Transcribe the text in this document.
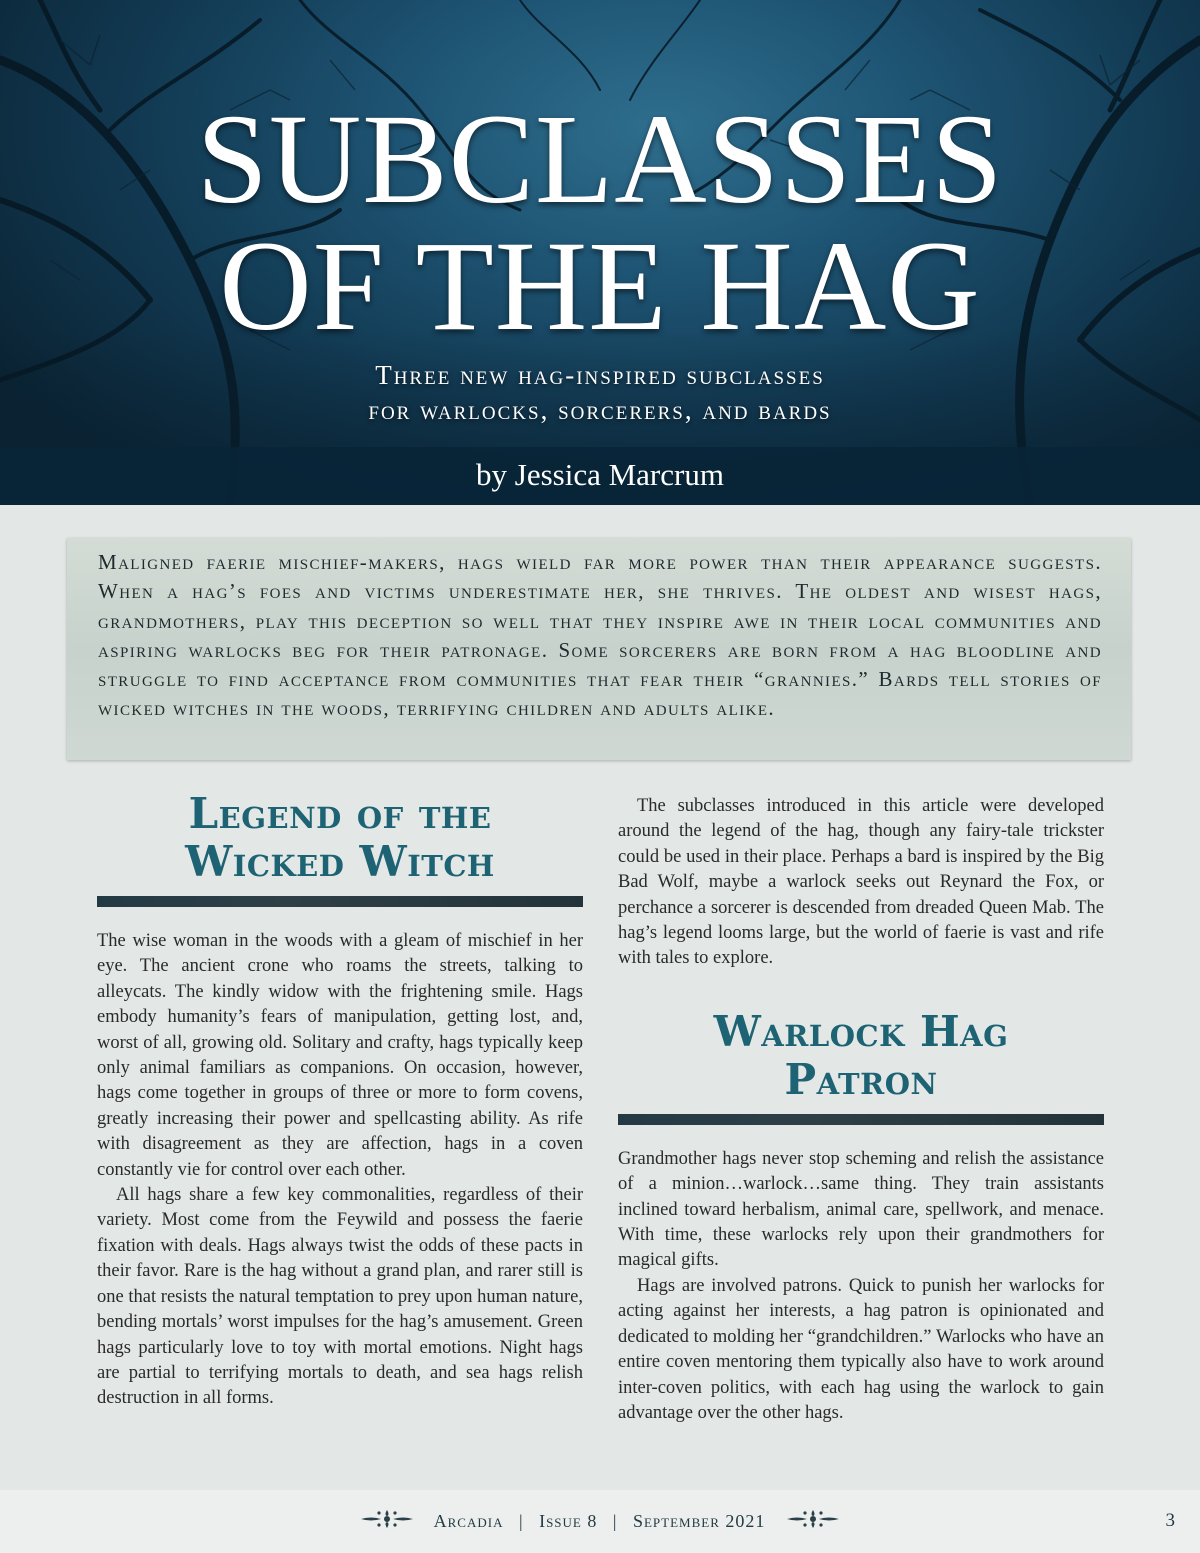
SUBCLASSES
OF THE HAG
Three new hag-inspired subclasses
for warlocks, sorcerers, and bards
by Jessica Marcrum

Maligned faerie mischief-makers, hags wield far more power than their appearance suggests. When a hag’s foes and victims underestimate her, she thrives. The oldest and wisest hags, grandmothers, play this deception so well that they inspire awe in their local communities and aspiring warlocks beg for their patronage. Some sorcerers are born from a hag bloodline and struggle to find acceptance from communities that fear their “grannies.” Bards tell stories of wicked witches in the woods, terrifying children and adults alike.

Legend of the
Wicked Witch

The wise woman in the woods with a gleam of mischief in her eye. The ancient crone who roams the streets, talking to alleycats. The kindly widow with the frightening smile. Hags embody humanity’s fears of manipulation, getting lost, and, worst of all, growing old. Solitary and crafty, hags typically keep only animal familiars as companions. On occasion, however, hags come together in groups of three or more to form covens, greatly increasing their power and spellcasting ability. As rife with disagreement as they are affection, hags in a coven constantly vie for control over each other.

All hags share a few key commonalities, regardless of their variety. Most come from the Feywild and possess the faerie fixation with deals. Hags always twist the odds of these pacts in their favor. Rare is the hag without a grand plan, and rarer still is one that resists the natural temptation to prey upon human nature, bending mortals’ worst impulses for the hag’s amusement. Green hags particularly love to toy with mortal emotions. Night hags are partial to terrifying mortals to death, and sea hags relish destruction in all forms.

The subclasses introduced in this article were developed around the legend of the hag, though any fairy-tale trickster could be used in their place. Perhaps a bard is inspired by the Big Bad Wolf, maybe a warlock seeks out Reynard the Fox, or perchance a sorcerer is descended from dreaded Queen Mab. The hag’s legend looms large, but the world of faerie is vast and rife with tales to explore.

Warlock Hag
Patron

Grandmother hags never stop scheming and relish the assistance of a minion…warlock…same thing. They train assistants inclined toward herbalism, animal care, spellwork, and menace. With time, these warlocks rely upon their grandmothers for magical gifts.

Hags are involved patrons. Quick to punish her warlocks for acting against her interests, a hag patron is opinionated and dedicated to molding her “grandchildren.” Warlocks who have an entire coven mentoring them typically also have to work around inter-coven politics, with each hag using the warlock to gain advantage over the other hags.

Arcadia | Issue 8 | September 2021	3
